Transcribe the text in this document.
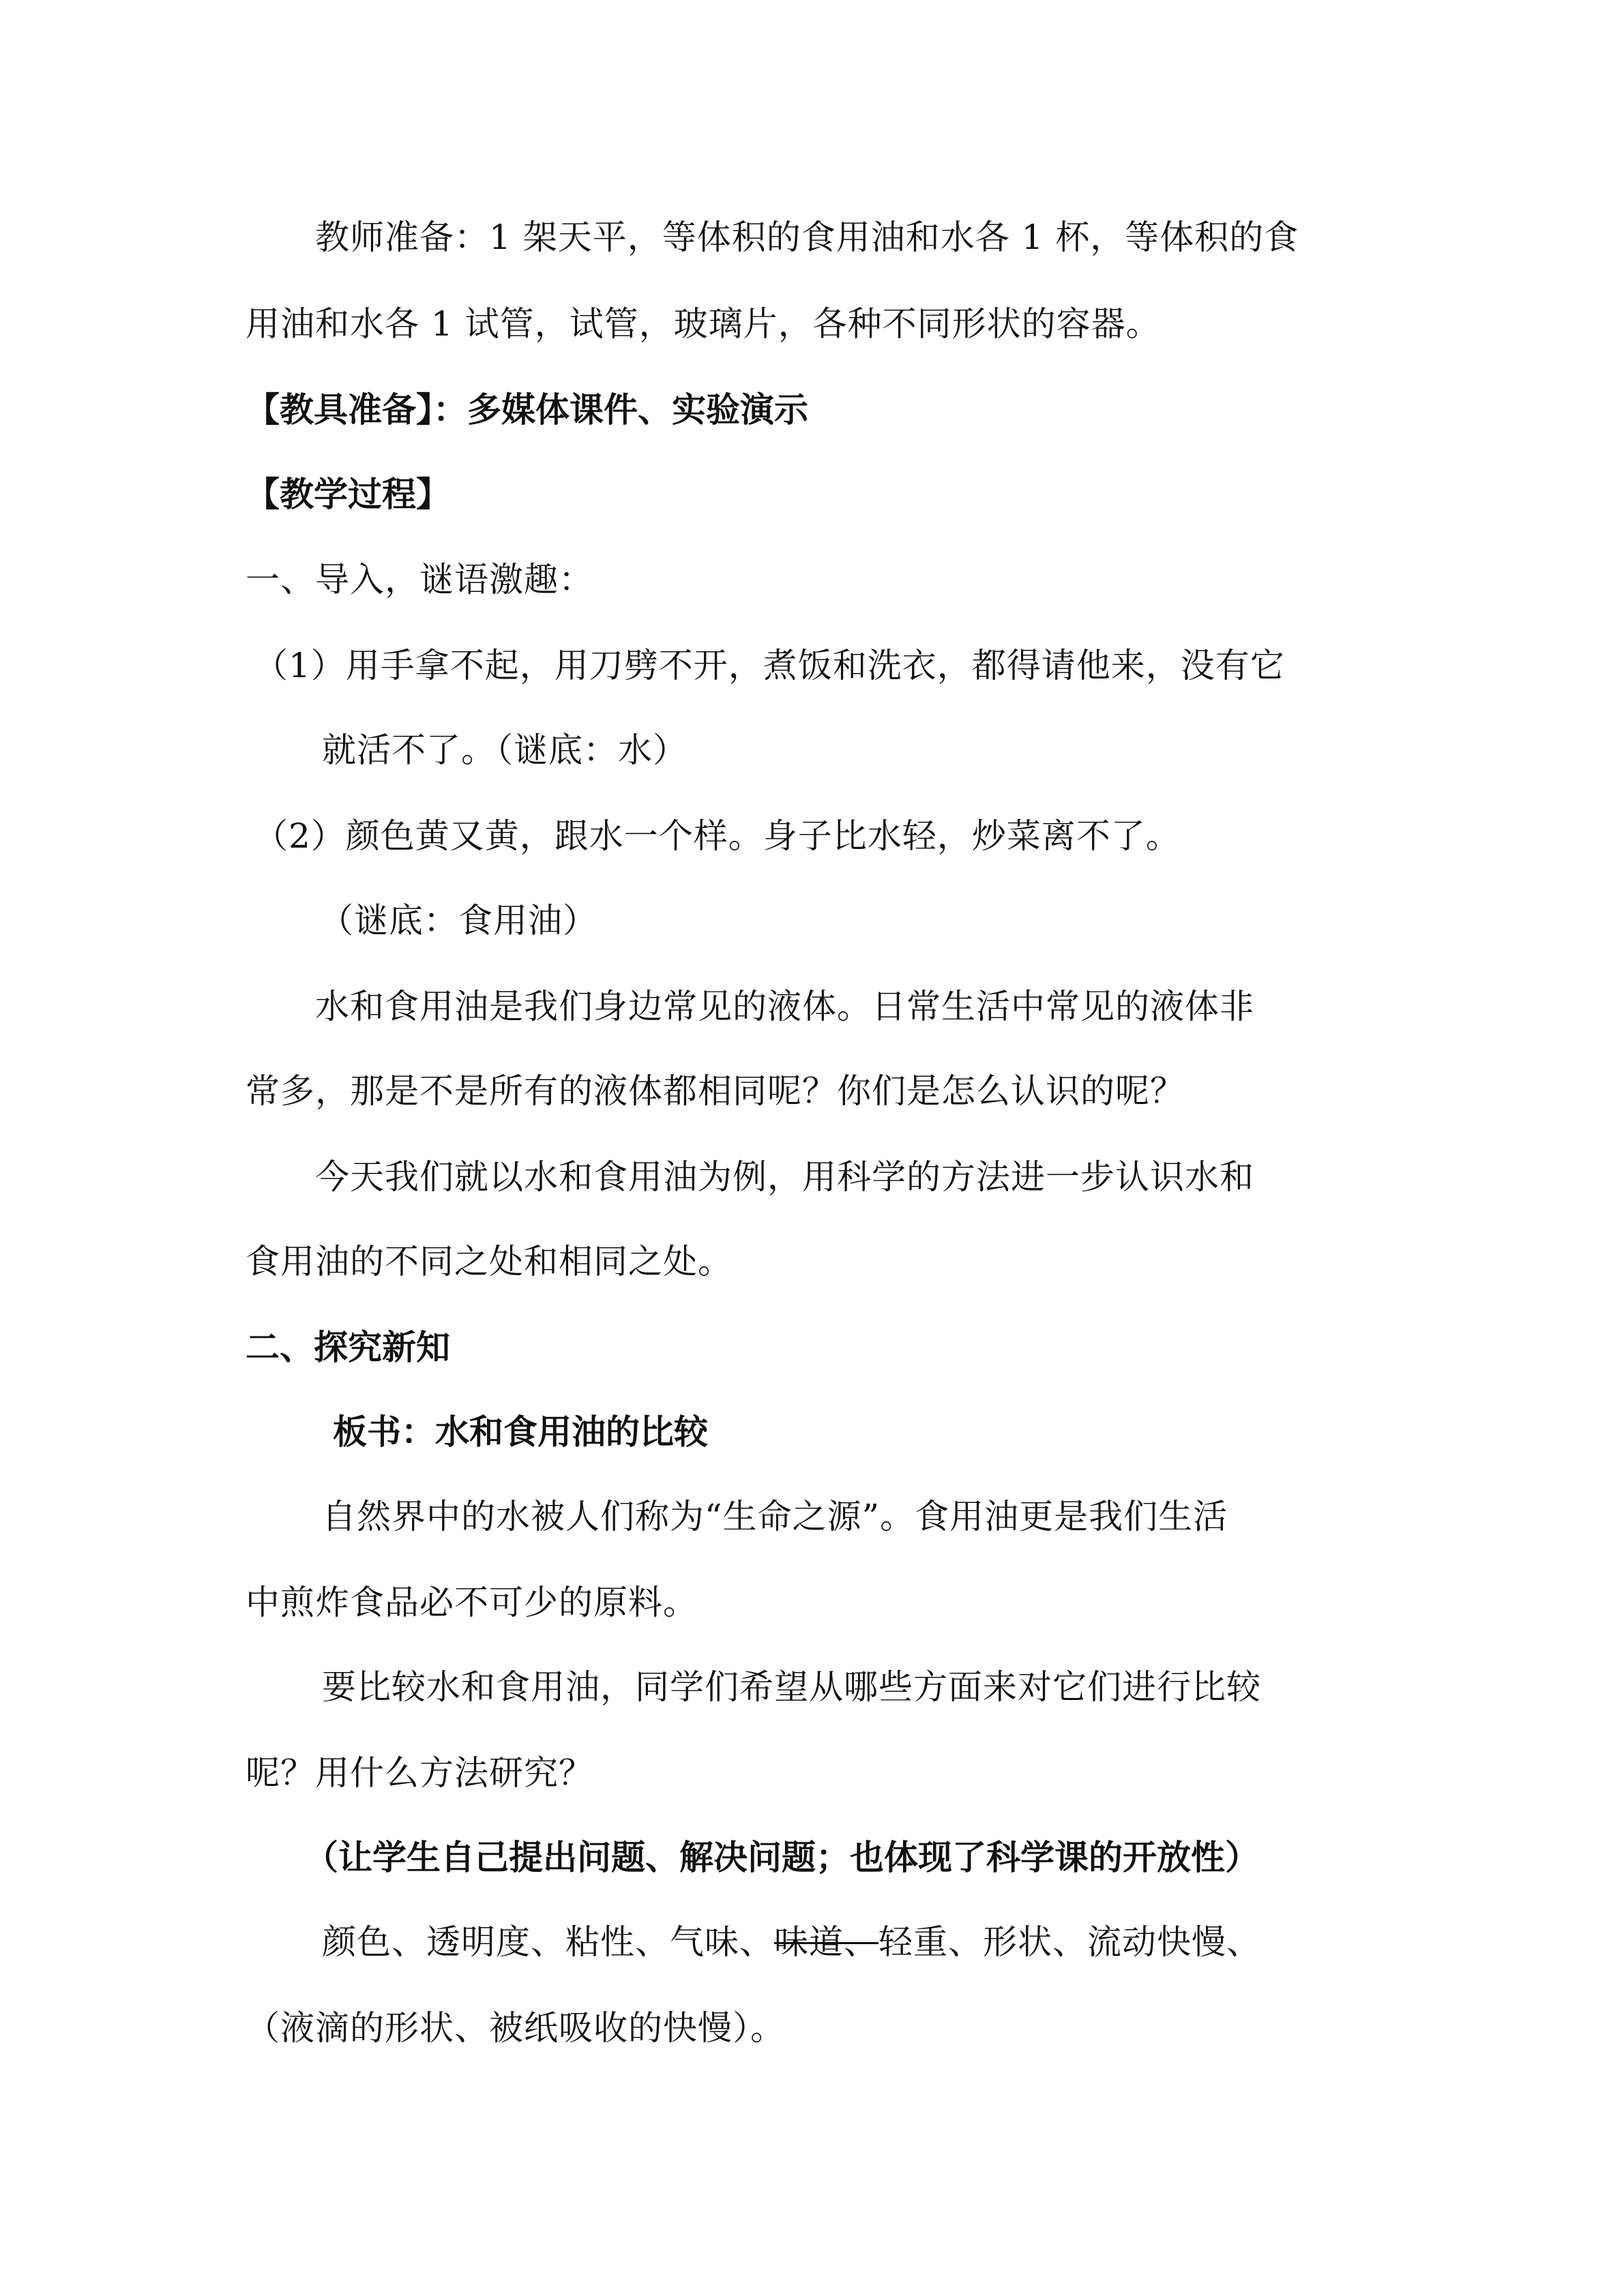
教师准备：1 架天平，等体积的食用油和水各 1 杯，等体积的食
用油和水各 1 试管，试管，玻璃片，各种不同形状的容器。
【教具准备】：多媒体课件、实验演示
【教学过程】
一、导入，谜语激趣：
（1）用手拿不起，用刀劈不开，煮饭和洗衣，都得请他来，没有它
就活不了。（谜底：水）
（2）颜色黄又黄，跟水一个样。身子比水轻，炒菜离不了。
（谜底：食用油）
水和食用油是我们身边常见的液体。日常生活中常见的液体非
常多，那是不是所有的液体都相同呢？你们是怎么认识的呢？
今天我们就以水和食用油为例，用科学的方法进一步认识水和
食用油的不同之处和相同之处。
二、探究新知
板书：水和食用油的比较
自然界中的水被人们称为“生命之源”。食用油更是我们生活
中煎炸食品必不可少的原料。
要比较水和食用油，同学们希望从哪些方面来对它们进行比较
呢？用什么方法研究？
（让学生自己提出问题、解决问题；也体现了科学课的开放性）
颜色、透明度、粘性、气味、味道、轻重、形状、流动快慢、
（液滴的形状、被纸吸收的快慢）。
